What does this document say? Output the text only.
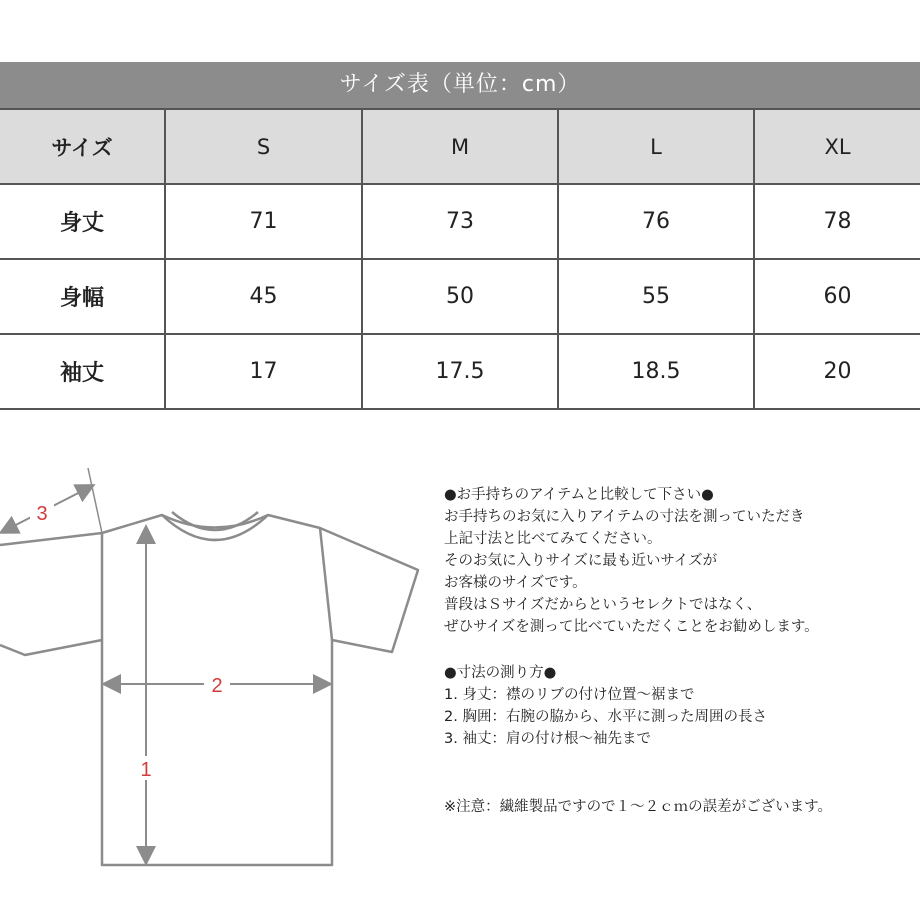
サイズ表（単位：cm）
サイズ	S	M	L	XL
身丈	71	73	76	78
身幅	45	50	55	60
袖丈	17	17.5	18.5	20
1
2
3
●お手持ちのアイテムと比較して下さい●
お手持ちのお気に入りアイテムの寸法を測っていただき
上記寸法と比べてみてください。
そのお気に入りサイズに最も近いサイズが
お客様のサイズです。
普段はＳサイズだからというセレクトではなく、
ぜひサイズを測って比べていただくことをお勧めします。
●寸法の測り方●
1. 身丈：襟のリブの付け位置～裾まで
2. 胸囲：右腕の脇から、水平に測った周囲の長さ
3. 袖丈：肩の付け根～袖先まで
※注意：繊維製品ですので１～２ｃｍの誤差がございます。
